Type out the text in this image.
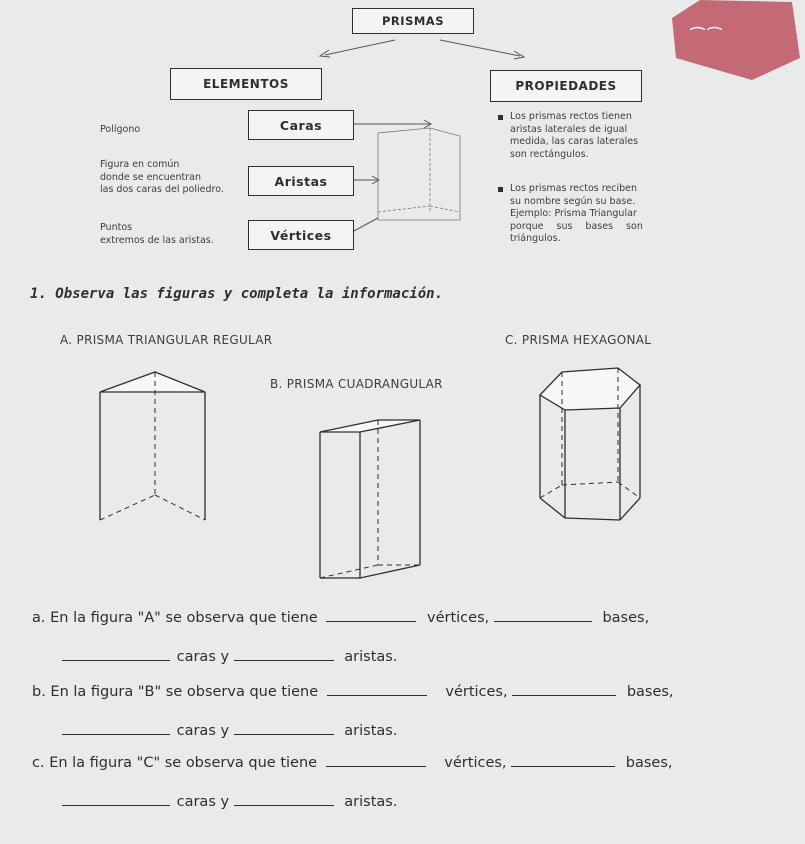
⌒⌒
PRISMAS
ELEMENTOS	PROPIEDADES
Caras
Aristas
Vértices
Polígono
Figura en común
donde se encuentran
las dos caras del poliedro.
Puntos
extremos de las aristas.
Los prismas rectos tienen
aristas laterales de igual
medida, las caras laterales
son rectángulos.
Los prismas rectos reciben
su nombre según su base.
Ejemplo: Prisma Triangular
porque sus bases son
triángulos.
1. Observa las figuras y completa la información.
A. PRISMA TRIANGULAR REGULAR
B. PRISMA CUADRANGULAR
C. PRISMA HEXAGONAL
a. En la figura "A" se observa que tiene	vértices,	bases,
caras y	aristas.
b. En la figura "B" se observa que tiene	vértices,	bases,
caras y	aristas.
c. En la figura "C" se observa que tiene	vértices,	bases,
caras y	aristas.
